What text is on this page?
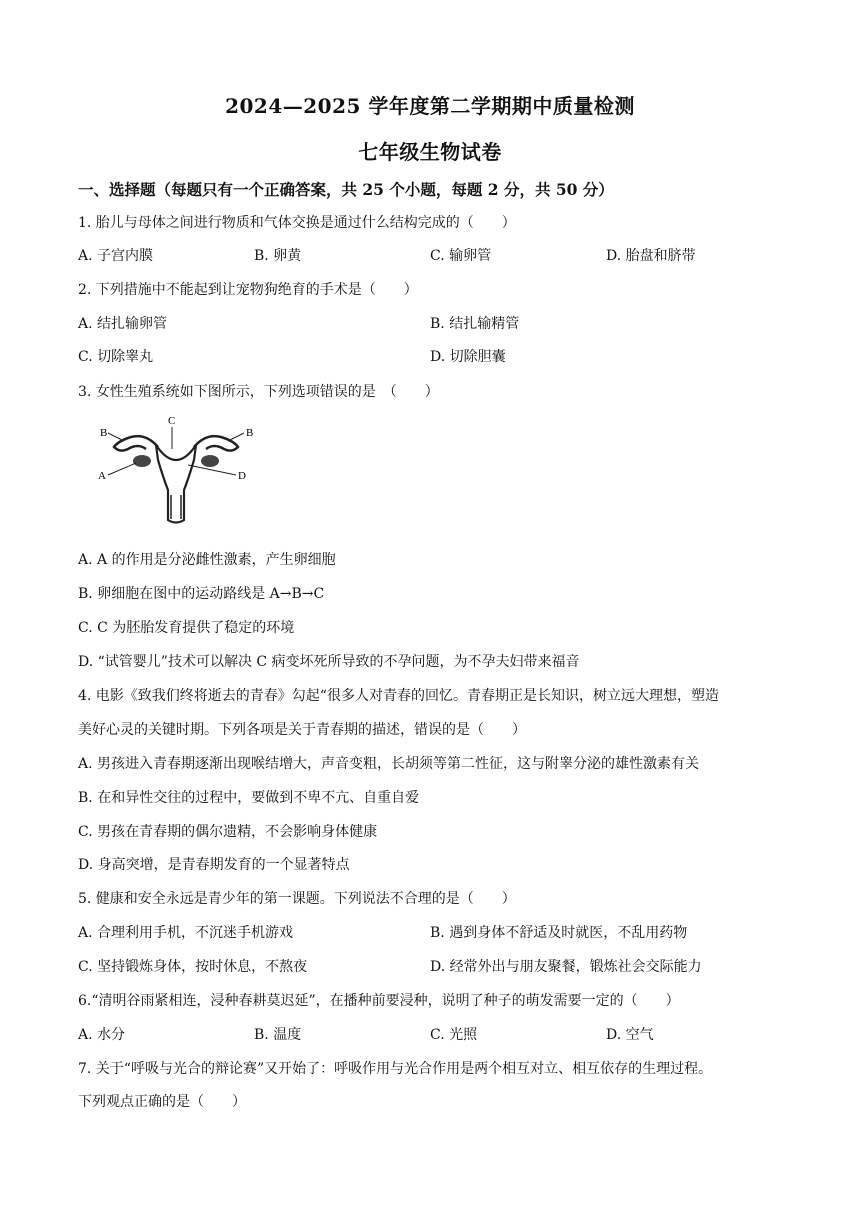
2024—2025 学年度第二学期期中质量检测
七年级生物试卷
一、选择题（每题只有一个正确答案，共 25 个小题，每题 2 分，共 50 分）
1. 胎儿与母体之间进行物质和气体交换是通过什么结构完成的（　　）
A. 子宫内膜	B. 卵黄	C. 输卵管	D. 胎盘和脐带
2. 下列措施中不能起到让宠物狗绝育的手术是（　　）
A. 结扎输卵管	B. 结扎输精管
C. 切除睾丸	D. 切除胆囊
3. 女性生殖系统如下图所示，下列选项错误的是　（　　）
B
C
B
A	D
A. A 的作用是分泌雌性激素，产生卵细胞
B. 卵细胞在图中的运动路线是 A→B→C
C. C 为胚胎发育提供了稳定的环境
D. “试管婴儿”技术可以解决 C 病变坏死所导致的不孕问题，为不孕夫妇带来福音
4. 电影《致我们终将逝去的青春》勾起“很多人对青春的回忆。青春期正是长知识，树立远大理想，塑造
美好心灵的关键时期。下列各项是关于青春期的描述，错误的是（　　）
A. 男孩进入青春期逐渐出现喉结增大，声音变粗，长胡须等第二性征，这与附睾分泌的雄性激素有关
B. 在和异性交往的过程中，要做到不卑不亢、自重自爱
C. 男孩在青春期的偶尔遗精，不会影响身体健康
D. 身高突增，是青春期发育的一个显著特点
5. 健康和安全永远是青少年的第一课题。下列说法不合理的是（　　）
A. 合理利用手机，不沉迷手机游戏	B. 遇到身体不舒适及时就医，不乱用药物
C. 坚持锻炼身体，按时休息，不熬夜	D. 经常外出与朋友聚餐，锻炼社会交际能力
6.“清明谷雨紧相连，浸种春耕莫迟延”，在播种前要浸种，说明了种子的萌发需要一定的（　　）
A. 水分	B. 温度	C. 光照	D. 空气
7. 关于“呼吸与光合的辩论赛”又开始了：呼吸作用与光合作用是两个相互对立、相互依存的生理过程。
下列观点正确的是（　　）
